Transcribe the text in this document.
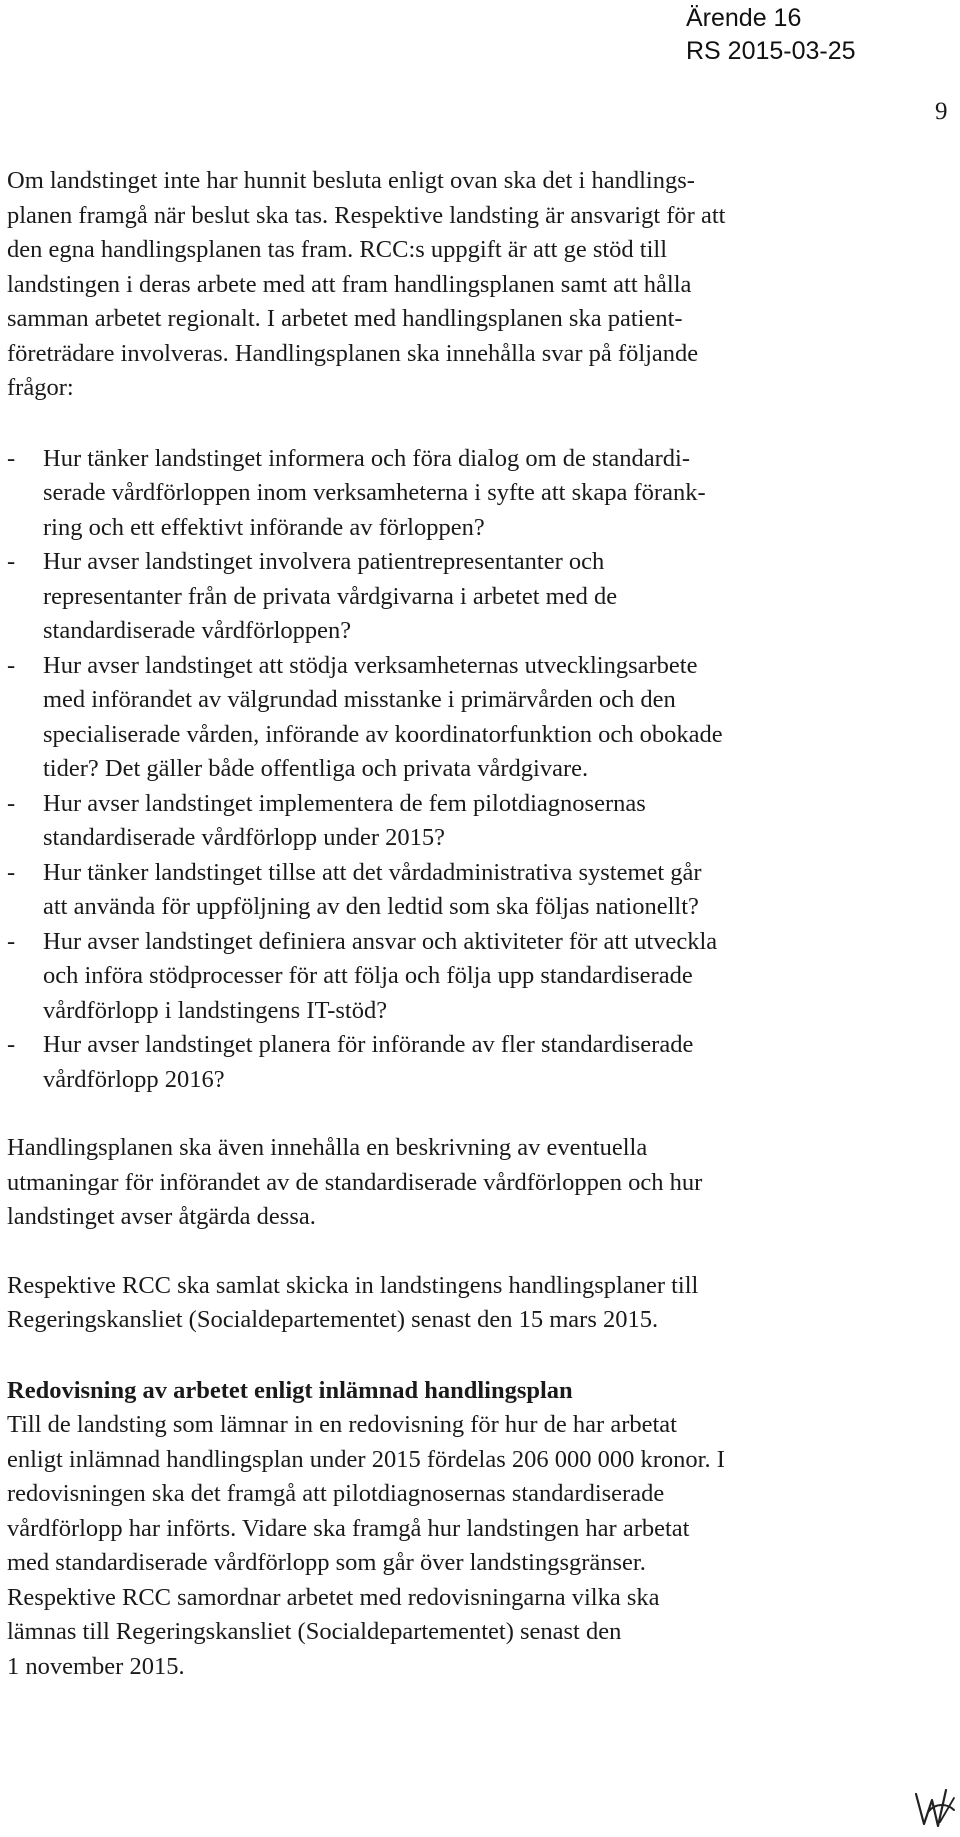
Ärende 16
RS 2015-03-25
9

Om landstinget inte har hunnit besluta enligt ovan ska det i handlings-
planen framgå när beslut ska tas. Respektive landsting är ansvarigt för att
den egna handlingsplanen tas fram. RCC:s uppgift är att ge stöd till
landstingen i deras arbete med att fram handlingsplanen samt att hålla
samman arbetet regionalt. I arbetet med handlingsplanen ska patient-
företrädare involveras. Handlingsplanen ska innehålla svar på följande
frågor:

- Hur tänker landstinget informera och föra dialog om de standardi-
serade vårdförloppen inom verksamheterna i syfte att skapa förank-
ring och ett effektivt införande av förloppen?
- Hur avser landstinget involvera patientrepresentanter och
representanter från de privata vårdgivarna i arbetet med de
standardiserade vårdförloppen?
- Hur avser landstinget att stödja verksamheternas utvecklingsarbete
med införandet av välgrundad misstanke i primärvården och den
specialiserade vården, införande av koordinatorfunktion och obokade
tider? Det gäller både offentliga och privata vårdgivare.
- Hur avser landstinget implementera de fem pilotdiagnosernas
standardiserade vårdförlopp under 2015?
- Hur tänker landstinget tillse att det vårdadministrativa systemet går
att använda för uppföljning av den ledtid som ska följas nationellt?
- Hur avser landstinget definiera ansvar och aktiviteter för att utveckla
och införa stödprocesser för att följa och följa upp standardiserade
vårdförlopp i landstingens IT-stöd?
- Hur avser landstinget planera för införande av fler standardiserade
vårdförlopp 2016?

Handlingsplanen ska även innehålla en beskrivning av eventuella
utmaningar för införandet av de standardiserade vårdförloppen och hur
landstinget avser åtgärda dessa.

Respektive RCC ska samlat skicka in landstingens handlingsplaner till
Regeringskansliet (Socialdepartementet) senast den 15 mars 2015.

Redovisning av arbetet enligt inlämnad handlingsplan

Till de landsting som lämnar in en redovisning för hur de har arbetat
enligt inlämnad handlingsplan under 2015 fördelas 206 000 000 kronor. I
redovisningen ska det framgå att pilotdiagnosernas standardiserade
vårdförlopp har införts. Vidare ska framgå hur landstingen har arbetat
med standardiserade vårdförlopp som går över landstingsgränser.
Respektive RCC samordnar arbetet med redovisningarna vilka ska
lämnas till Regeringskansliet (Socialdepartementet) senast den
1 november 2015.
